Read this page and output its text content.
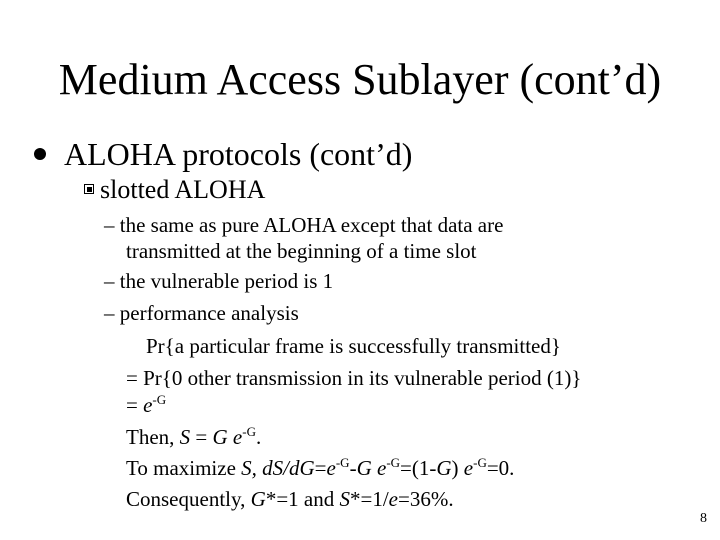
Medium Access Sublayer (cont’d)
ALOHA protocols (cont’d)
slotted ALOHA
– the same as pure ALOHA except that data are
transmitted at the beginning of a time slot
– the vulnerable period is 1
– performance analysis
Pr{a particular frame is successfully transmitted}
= Pr{0 other transmission in its vulnerable period (1)}
= $e^{-G}$
Then, S = G $e^{-G}$.
To maximize S, $dS/dG=e^{-G}-G$ $e^{-G}=(1-G)$ $e^{-G}=0$.
Consequently, G*=1 and S*=1/e=36%.
8
